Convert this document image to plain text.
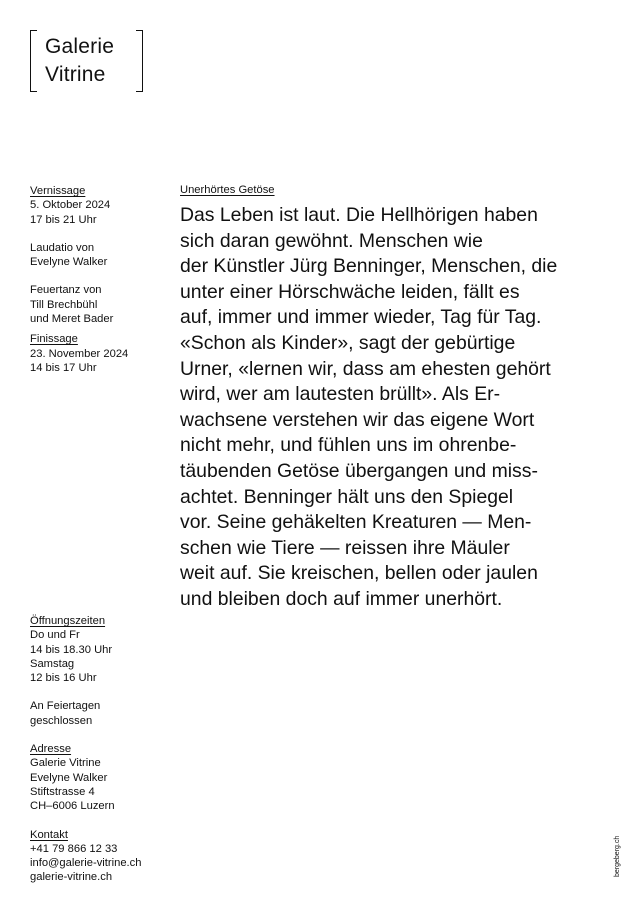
Galerie
Vitrine
Vernissage
5. Oktober 2024
17 bis 21 Uhr
Laudatio von
Evelyne Walker
Feuertanz von
Till Brechbühl
und Meret Bader
Finissage
23. November 2024
14 bis 17 Uhr
Öffnungszeiten
Do und Fr
14 bis 18.30 Uhr
Samstag
12 bis 16 Uhr
An Feiertagen
geschlossen
Adresse
Galerie Vitrine
Evelyne Walker
Stiftstrasse 4
CH–6006 Luzern
Kontakt
+41 79 866 12 33
info@galerie-vitrine.ch
galerie-vitrine.ch
Unerhörtes Getöse
Das Leben ist laut. Die Hellhörigen haben
sich daran gewöhnt. Menschen wie
der Künstler Jürg Benninger, Menschen, die
unter einer Hörschwäche leiden, fällt es
auf, immer und immer wieder, Tag für Tag.
«Schon als Kinder», sagt der gebürtige
Urner, «lernen wir, dass am ehesten gehört
wird, wer am lautesten brüllt». Als Er-
wachsene verstehen wir das eigene Wort
nicht mehr, und fühlen uns im ohrenbe-
täubenden Getöse übergangen und miss-
achtet. Benninger hält uns den Spiegel
vor. Seine gehäkelten Kreaturen — Men-
schen wie Tiere — reissen ihre Mäuler
weit auf. Sie kreischen, bellen oder jaulen
und bleiben doch auf immer unerhört.
bergeberg.ch
